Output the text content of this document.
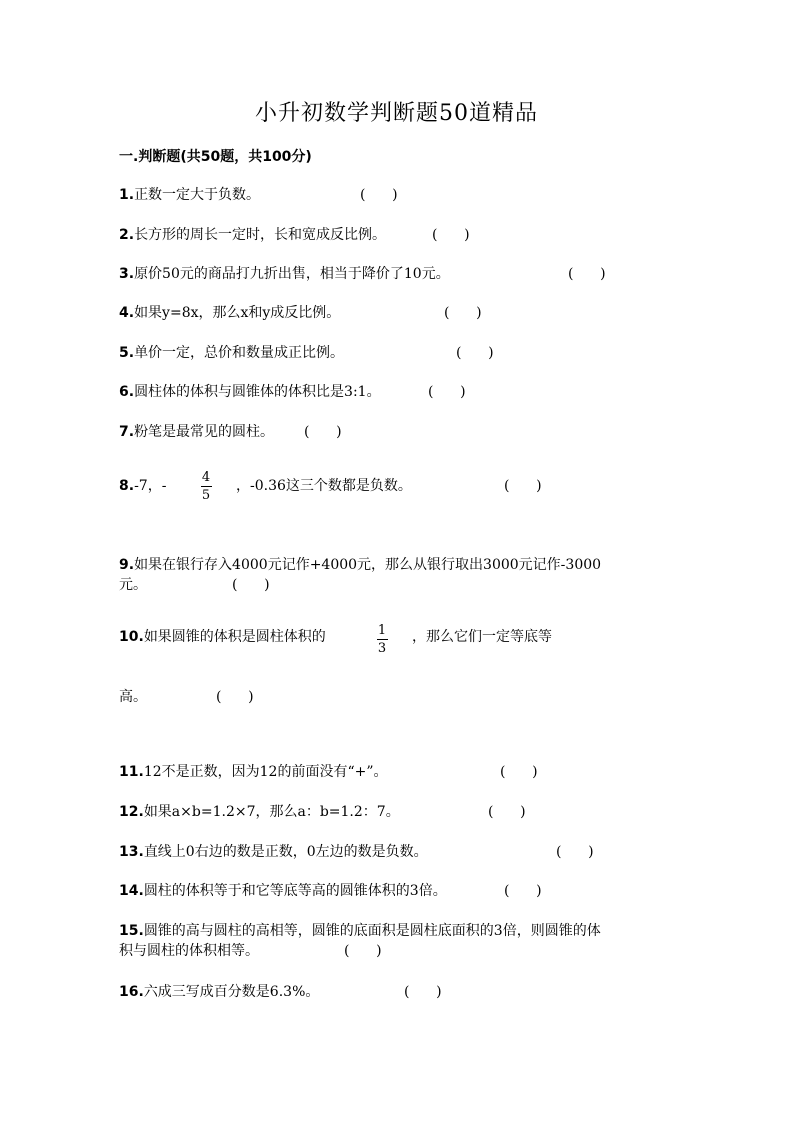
小升初数学判断题50道精品
一.判断题(共50题，共100分)
1.正数一定大于负数。	(      )
2.长方形的周长一定时，长和宽成反比例。	(      )
3.原价50元的商品打九折出售，相当于降价了10元。	(      )
4.如果y=8x，那么x和y成反比例。	(      )
5.单价一定，总价和数量成正比例。	(      )
6.圆柱体的体积与圆锥体的体积比是3:1。	(      )
7.粉笔是最常见的圆柱。 (      )
8.-7，-
4
5
，-0.36这三个数都是负数。	(      )
9.如果在银行存入4000元记作+4000元，那么从银行取出3000元记作-3000
元。	(      )
10.如果圆锥的体积是圆柱体积的	1
3
，那么它们一定等底等
高。	(      )
11.12不是正数，因为12的前面没有“+”。	(      )
12.如果a×b=1.2×7，那么a：b=1.2：7。	(      )
13.直线上0右边的数是正数，0左边的数是负数。	(      )
14.圆柱的体积等于和它等底等高的圆锥体积的3倍。	(      )
15.圆锥的高与圆柱的高相等，圆锥的底面积是圆柱底面积的3倍，则圆锥的体
积与圆柱的体积相等。	(      )
16.六成三写成百分数是6.3%。	(      )
